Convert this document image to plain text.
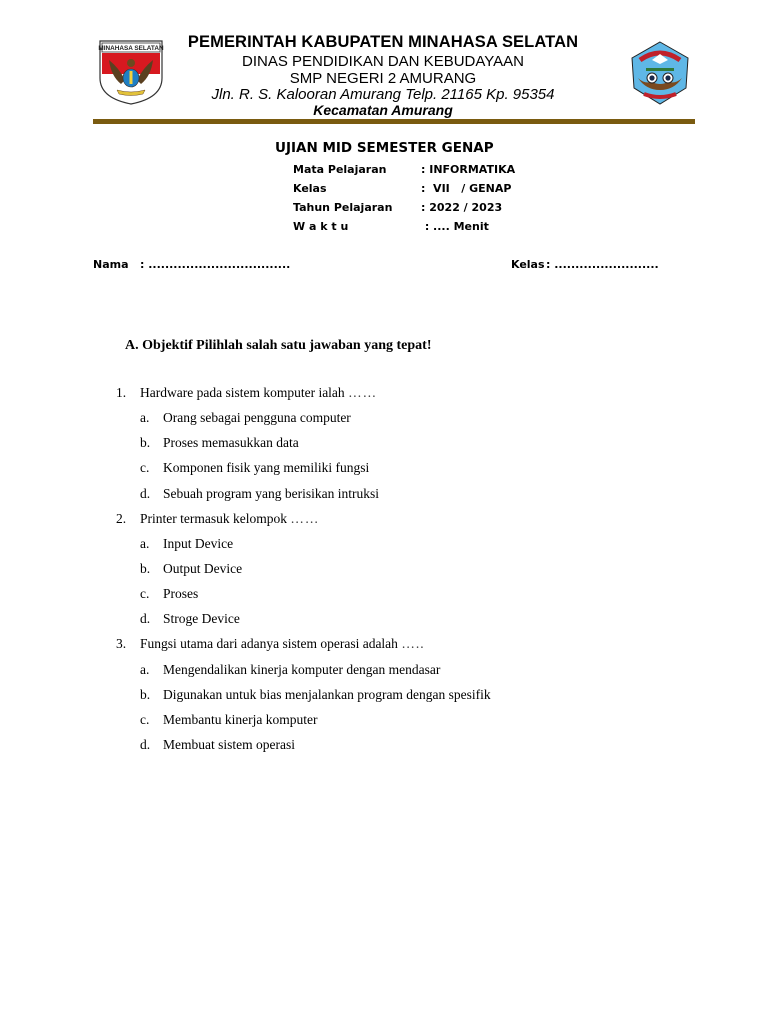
MINAHASA SELATAN	PEMERINTAH KABUPATEN MINAHASA SELATAN
DINAS PENDIDIKAN DAN KEBUDAYAAN
SMP NEGERI 2 AMURANG
Jln. R. S. Kalooran Amurang Telp. 21165 Kp. 95354
Kecamatan Amurang
UJIAN MID SEMESTER GENAP
Mata Pelajaran	: INFORMATIKA
Kelas	:  VII   / GENAP
Tahun Pelajaran	: 2022 / 2023
W a k t u	: .... Menit
Nama : ..................................	Kelas : .........................
A. Objektif Pilihlah salah satu jawaban yang tepat!
1. Hardware pada sistem komputer ialah ……
a. Orang sebagai pengguna computer
b. Proses memasukkan data
c. Komponen fisik yang memiliki fungsi
d. Sebuah program yang berisikan intruksi
2. Printer termasuk kelompok ……
a. Input Device
b. Output Device
c. Proses
d. Stroge Device
3. Fungsi utama dari adanya sistem operasi adalah …..
a. Mengendalikan kinerja komputer dengan mendasar
b. Digunakan untuk bias menjalankan program dengan spesifik
c. Membantu kinerja komputer
d. Membuat sistem operasi
